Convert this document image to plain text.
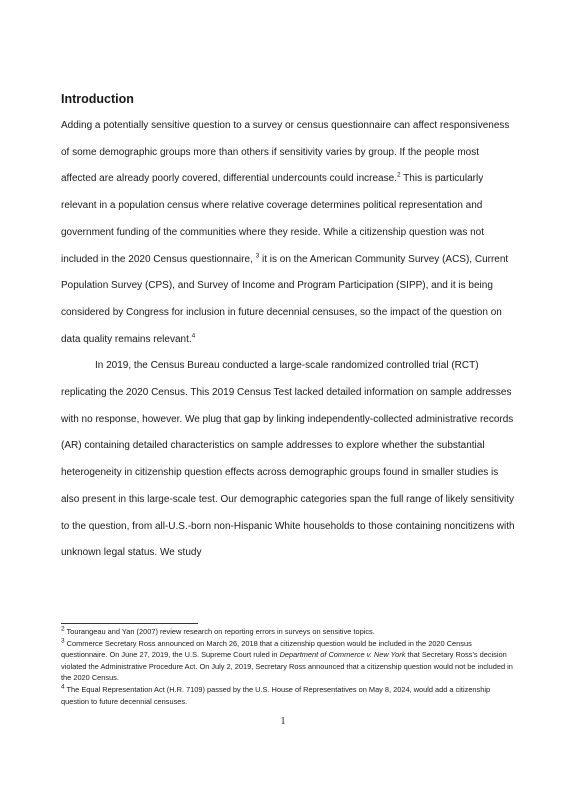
Introduction

Adding a potentially sensitive question to a survey or census questionnaire can affect responsiveness of some demographic groups more than others if sensitivity varies by group. If the people most affected are already poorly covered, differential undercounts could increase.$^2$ This is particularly relevant in a population census where relative coverage determines political representation and government funding of the communities where they reside. While a citizenship question was not included in the 2020 Census questionnaire, $^3$ it is on the American Community Survey (ACS), Current Population Survey (CPS), and Survey of Income and Program Participation (SIPP), and it is being considered by Congress for inclusion in future decennial censuses, so the impact of the question on data quality remains relevant.$^4$

In 2019, the Census Bureau conducted a large-scale randomized controlled trial (RCT) replicating the 2020 Census. This 2019 Census Test lacked detailed information on sample addresses with no response, however. We plug that gap by linking independently-collected administrative records (AR) containing detailed characteristics on sample addresses to explore whether the substantial heterogeneity in citizenship question effects across demographic groups found in smaller studies is also present in this large-scale test. Our demographic categories span the full range of likely sensitivity to the question, from all-U.S.-born non-Hispanic White households to those containing noncitizens with unknown legal status. We study

$^2$ Tourangeau and Yan (2007) review research on reporting errors in surveys on sensitive topics.

$^3$ Commerce Secretary Ross announced on March 26, 2018 that a citizenship question would be included in the 2020 Census questionnaire. On June 27, 2019, the U.S. Supreme Court ruled in Department of Commerce v. New York that Secretary Ross’s decision violated the Administrative Procedure Act. On July 2, 2019, Secretary Ross announced that a citizenship question would not be included in the 2020 Census.

$^4$ The Equal Representation Act (H.R. 7109) passed by the U.S. House of Representatives on May 8, 2024, would add a citizenship question to future decennial censuses.

1
